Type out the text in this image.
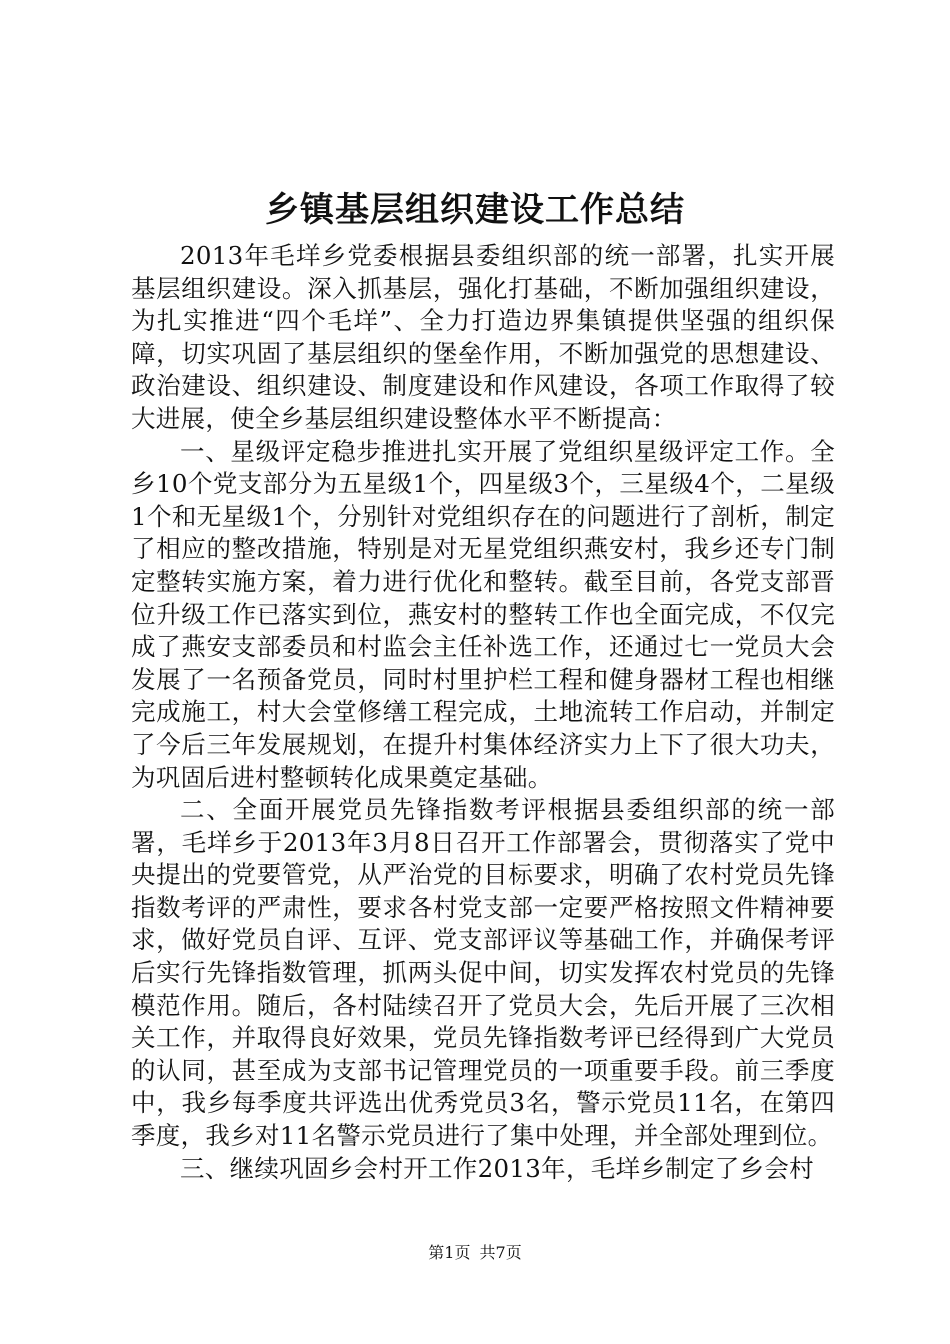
乡镇基层组织建设工作总结

2013年毛垟乡党委根据县委组织部的统一部署，扎实开展基层组织建设。深入抓基层，强化打基础，不断加强组织建设，为扎实推进“四个毛垟”、全力打造边界集镇提供坚强的组织保障，切实巩固了基层组织的堡垒作用，不断加强党的思想建设、政治建设、组织建设、制度建设和作风建设，各项工作取得了较大进展，使全乡基层组织建设整体水平不断提高：

一、星级评定稳步推进扎实开展了党组织星级评定工作。全乡10个党支部分为五星级1个，四星级3个，三星级4个，二星级1个和无星级1个，分别针对党组织存在的问题进行了剖析，制定了相应的整改措施，特别是对无星党组织燕安村，我乡还专门制定整转实施方案，着力进行优化和整转。截至目前，各党支部晋位升级工作已落实到位，燕安村的整转工作也全面完成，不仅完成了燕安支部委员和村监会主任补选工作，还通过七一党员大会发展了一名预备党员，同时村里护栏工程和健身器材工程也相继完成施工，村大会堂修缮工程完成，土地流转工作启动，并制定了今后三年发展规划，在提升村集体经济实力上下了很大功夫，为巩固后进村整顿转化成果奠定基础。

二、全面开展党员先锋指数考评根据县委组织部的统一部署，毛垟乡于2013年3月8日召开工作部署会，贯彻落实了党中央提出的党要管党，从严治党的目标要求，明确了农村党员先锋指数考评的严肃性，要求各村党支部一定要严格按照文件精神要求，做好党员自评、互评、党支部评议等基础工作，并确保考评后实行先锋指数管理，抓两头促中间，切实发挥农村党员的先锋模范作用。随后，各村陆续召开了党员大会，先后开展了三次相关工作，并取得良好效果，党员先锋指数考评已经得到广大党员的认同，甚至成为支部书记管理党员的一项重要手段。前三季度中，我乡每季度共评选出优秀党员3名，警示党员11名，在第四季度，我乡对11名警示党员进行了集中处理，并全部处理到位。

三、继续巩固乡会村开工作2013年，毛垟乡制定了乡会村

第1页 共7页
